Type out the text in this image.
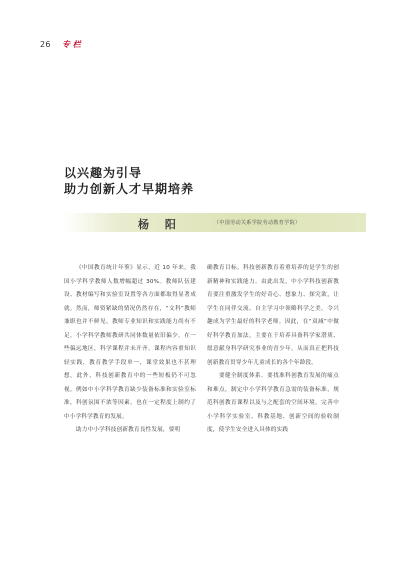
26 专 栏
以兴趣为引导
助力创新人才早期培养
杨 阳	（中国劳动关系学院劳动教育学院）

《中国教育统计年鉴》显示，近 10 年来，我国小学科学教师人数增幅超过 30%。教师队伍建设、教材编写和实验室设置等各方面都取得显著成就。然而，师资紧缺的情况仍然存在，“文科”教师兼职也并不鲜见，教师专业知识和实践能力尚有不足，小学科学教师教研共同体数量依旧偏少。在一些偏远地区，科学课程并未开齐，课程内容重知识轻实践，教育教学手段单一，课堂效果也不甚理想。此外，科技创新教育中的一些短板仍不可忽视。例如中小学科学教育缺少装备标准和实验室标准，科创氛围不浓等因素，也在一定程度上制约了中小学科学教育的发展。

助力中小学科技创新教育良性发展，要明

确教育目标。科技创新教育着重培养的是学生的创新精神和实践能力。由此出发，中小学科技创新教育要注重激发学生的好奇心、想象力、探究欲，让学生在同伴交流、自主学习中领略科学之美，令兴趣成为学生最好的科学老师。因此，在“双减”中做好科学教育加法，主要在于培养具备科学家潜质、愿意献身科学研究事业的青少年，从而真正把科技创新教育贯穿少年儿童成长的各个年龄段。

要健全制度体系。要找准科创教育发展的痛点和难点，制定中小学科学教育急需的装备标准，规范科创教育课程以及与之配套的空间环境，完善中小学科学实验室、科教基地、创新空间的验收制度，使学生安全进入具体的实践
